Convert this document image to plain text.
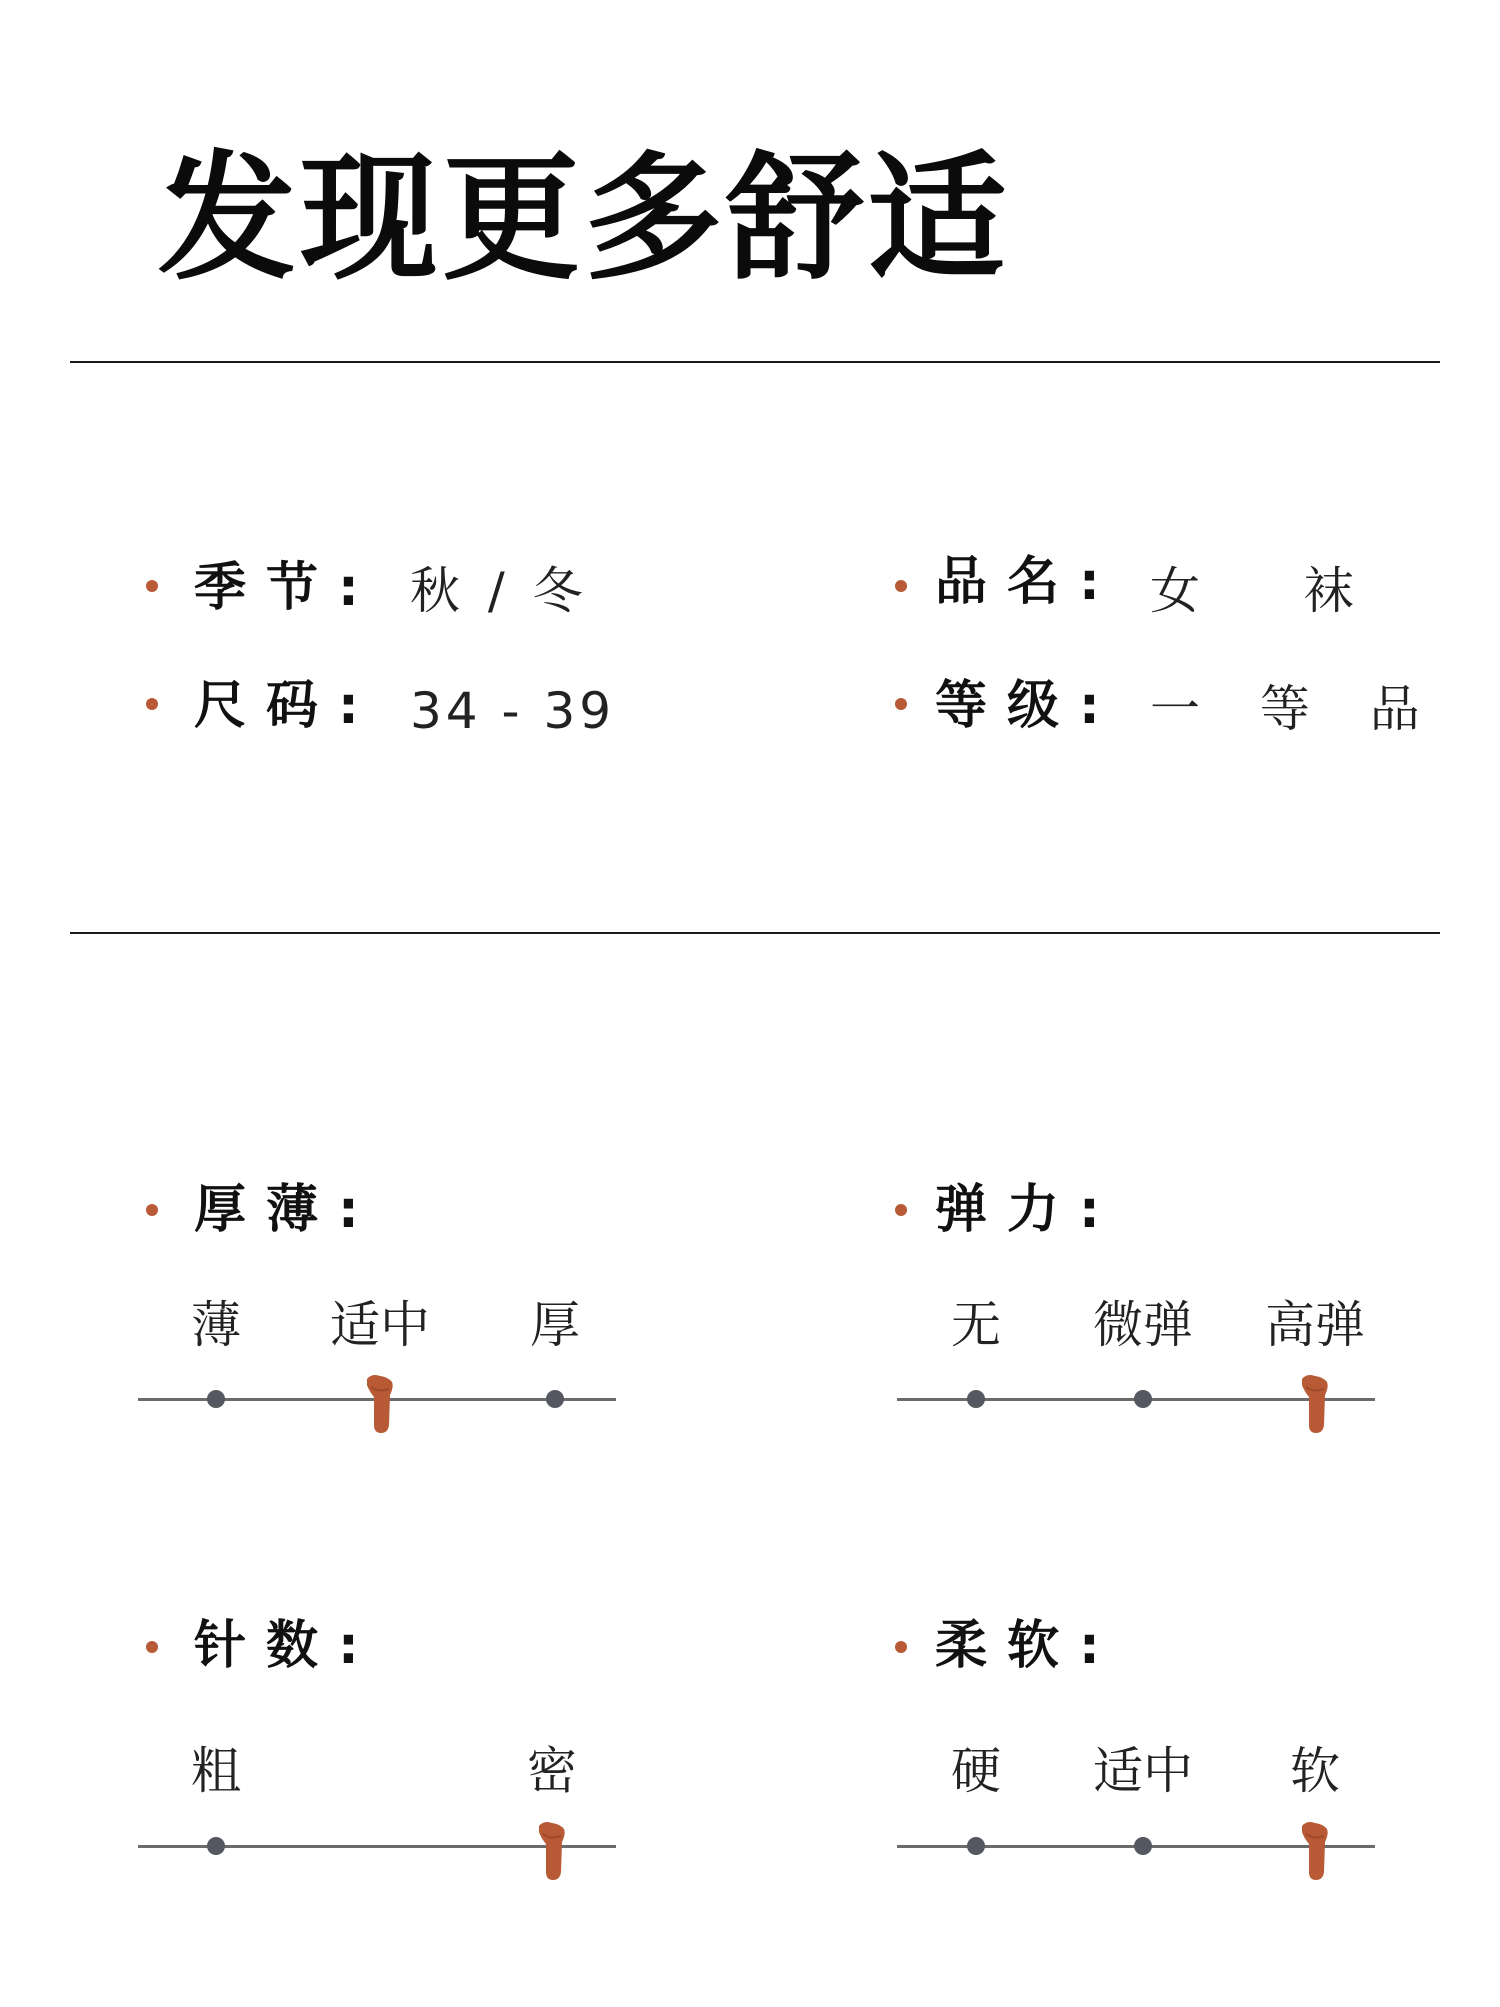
发现更多舒适
季节: 秋 / 冬	品名: 女    袜
尺码: 34 - 39	等级: 一 等 品
厚薄:	弹力:
针数:	柔软:
薄 适中 厚	无 微弹 高弹
粗	密	硬 适中 软
